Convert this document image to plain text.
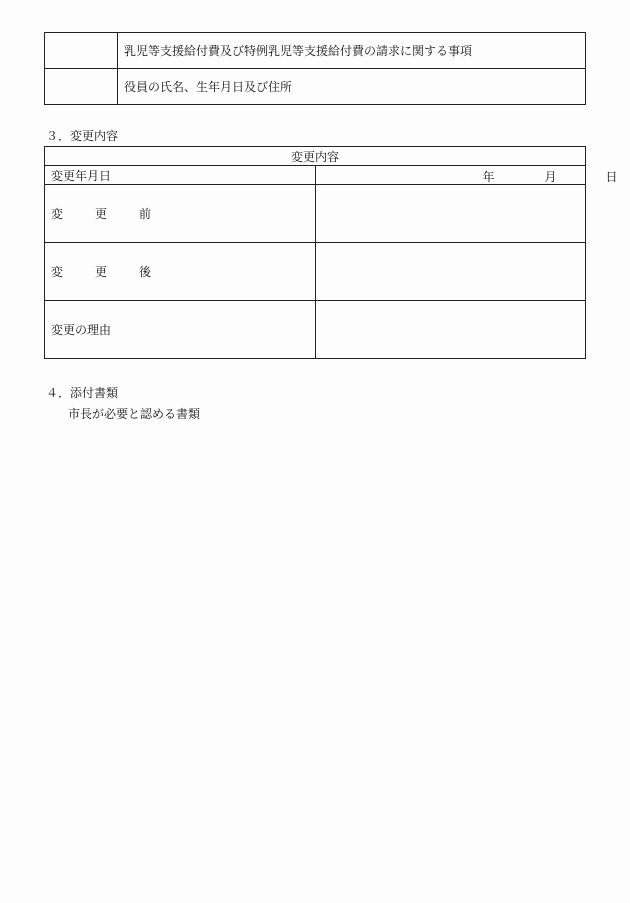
	乳児等支援給付費及び特例乳児等支援給付費の請求に関する事項
	役員の氏名、生年月日及び住所
３．変更内容
変更内容	
変更年月日	年 月 日

変　更　前	
変　更　後	
変更の理由	
４．添付書類
市長が必要と認める書類
